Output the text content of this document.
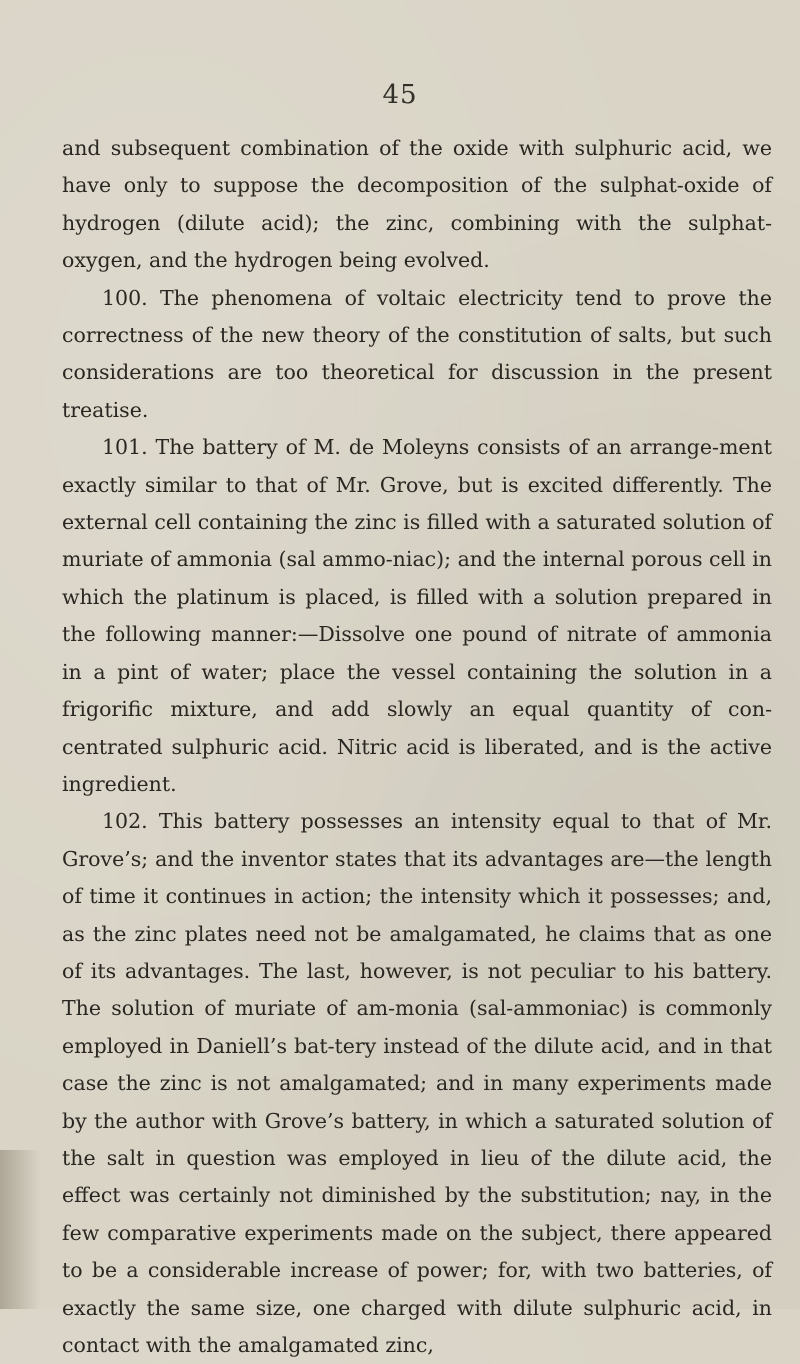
45

and subsequent combination of the oxide with sulphuric acid, we have only to suppose the decomposition of the sulphat-oxide of hydrogen (dilute acid); the zinc, combining with the sulphat-oxygen, and the hydrogen being evolved.

100. The phenomena of voltaic electricity tend to prove the correctness of the new theory of the constitution of salts, but such considerations are too theoretical for discussion in the present treatise.

101. The battery of M. de Moleyns consists of an arrange-ment exactly similar to that of Mr. Grove, but is excited differently. The external cell containing the zinc is filled with a saturated solution of muriate of ammonia (sal ammo-niac); and the internal porous cell in which the platinum is placed, is filled with a solution prepared in the following manner:—Dissolve one pound of nitrate of ammonia in a pint of water; place the vessel containing the solution in a frigorific mixture, and add slowly an equal quantity of con-centrated sulphuric acid. Nitric acid is liberated, and is the active ingredient.

102. This battery possesses an intensity equal to that of Mr. Grove’s; and the inventor states that its advantages are—the length of time it continues in action; the intensity which it possesses; and, as the zinc plates need not be amalgamated, he claims that as one of its advantages. The last, however, is not peculiar to his battery. The solution of muriate of am-monia (sal-ammoniac) is commonly employed in Daniell’s bat-tery instead of the dilute acid, and in that case the zinc is not amalgamated; and in many experiments made by the author with Grove’s battery, in which a saturated solution of the salt in question was employed in lieu of the dilute acid, the effect was certainly not diminished by the substitution; nay, in the few comparative experiments made on the subject, there appeared to be a considerable increase of power; for, with two batteries, of exactly the same size, one charged with dilute sulphuric acid, in contact with the amalgamated zinc,
